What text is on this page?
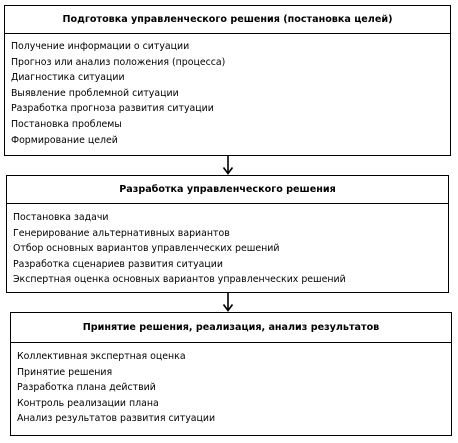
Подготовка управленческого решения (постановка целей)
Получение информации о ситуации
Прогноз или анализ положения (процесса)
Диагностика ситуации
Выявление проблемной ситуации
Разработка прогноза развития ситуации
Постановка проблемы
Формирование целей
Разработка управленческого решения
Постановка задачи
Генерирование альтернативных вариантов
Отбор основных вариантов управленческих решений
Разработка сценариев развития ситуации
Экспертная оценка основных вариантов управленческих решений
Принятие решения, реализация, анализ результатов
Коллективная экспертная оценка
Принятие решения
Разработка плана действий
Контроль реализации плана
Анализ результатов развития ситуации
